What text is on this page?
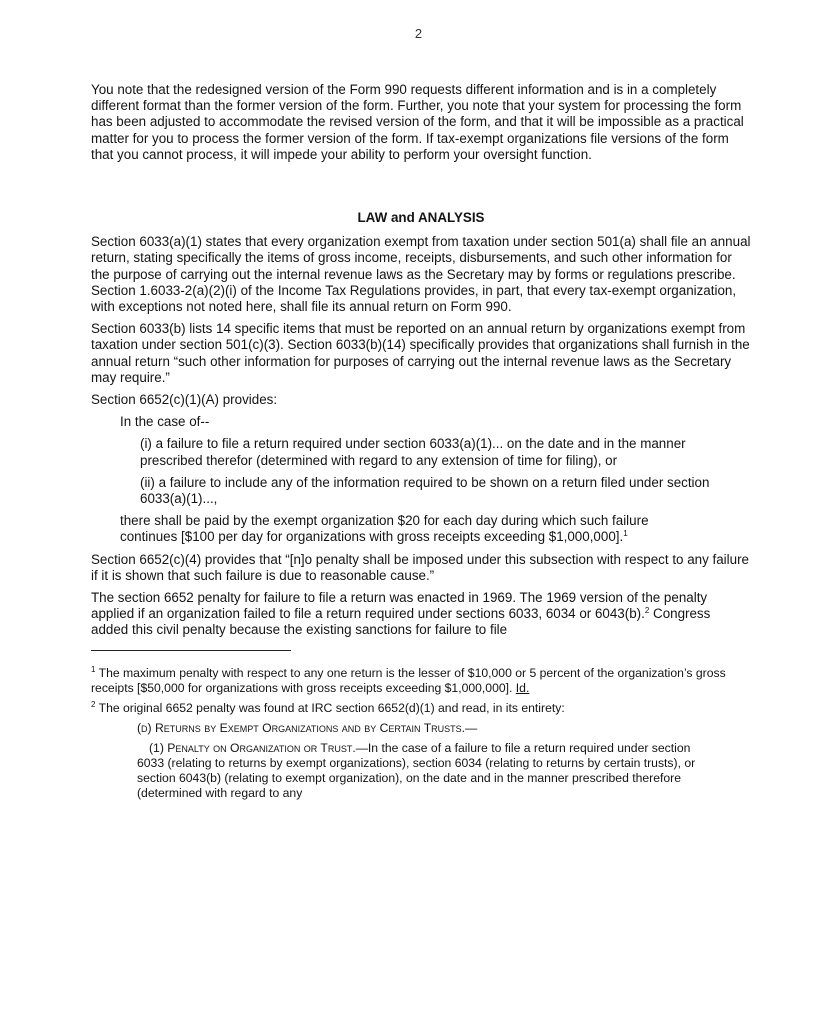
2

You note that the redesigned version of the Form 990 requests different information and is in a completely different format than the former version of the form. Further, you note that your system for processing the form has been adjusted to accommodate the revised version of the form, and that it will be impossible as a practical matter for you to process the former version of the form. If tax-exempt organizations file versions of the form that you cannot process, it will impede your ability to perform your oversight function.

LAW and ANALYSIS

Section 6033(a)(1) states that every organization exempt from taxation under section 501(a) shall file an annual return, stating specifically the items of gross income, receipts, disbursements, and such other information for the purpose of carrying out the internal revenue laws as the Secretary may by forms or regulations prescribe. Section 1.6033-2(a)(2)(i) of the Income Tax Regulations provides, in part, that every tax-exempt organization, with exceptions not noted here, shall file its annual return on Form 990.

Section 6033(b) lists 14 specific items that must be reported on an annual return by organizations exempt from taxation under section 501(c)(3). Section 6033(b)(14) specifically provides that organizations shall furnish in the annual return “such other information for purposes of carrying out the internal revenue laws as the Secretary may require.”

Section 6652(c)(1)(A) provides:

In the case of--

(i) a failure to file a return required under section 6033(a)(1)... on the date and in the manner prescribed therefor (determined with regard to any extension of time for filing), or

(ii) a failure to include any of the information required to be shown on a return filed under section 6033(a)(1)...,

there shall be paid by the exempt organization $20 for each day during which such failure continues [$100 per day for organizations with gross receipts exceeding $1,000,000].$^1$

Section 6652(c)(4) provides that “[n]o penalty shall be imposed under this subsection with respect to any failure if it is shown that such failure is due to reasonable cause.”

The section 6652 penalty for failure to file a return was enacted in 1969. The 1969 version of the penalty applied if an organization failed to file a return required under sections 6033, 6034 or 6043(b).$^2$ Congress added this civil penalty because the existing sanctions for failure to file

$^1$ The maximum penalty with respect to any one return is the lesser of $10,000 or 5 percent of the organization’s gross receipts [$50,000 for organizations with gross receipts exceeding $1,000,000]. Id.

$^2$ The original 6652 penalty was found at IRC section 6652(d)(1) and read, in its entirety:

(d) Returns by Exempt Organizations and by Certain Trusts.—

(1) Penalty on Organization or Trust.—In the case of a failure to file a return required under section 6033 (relating to returns by exempt organizations), section 6034 (relating to returns by certain trusts), or section 6043(b) (relating to exempt organization), on the date and in the manner prescribed therefore (determined with regard to any
